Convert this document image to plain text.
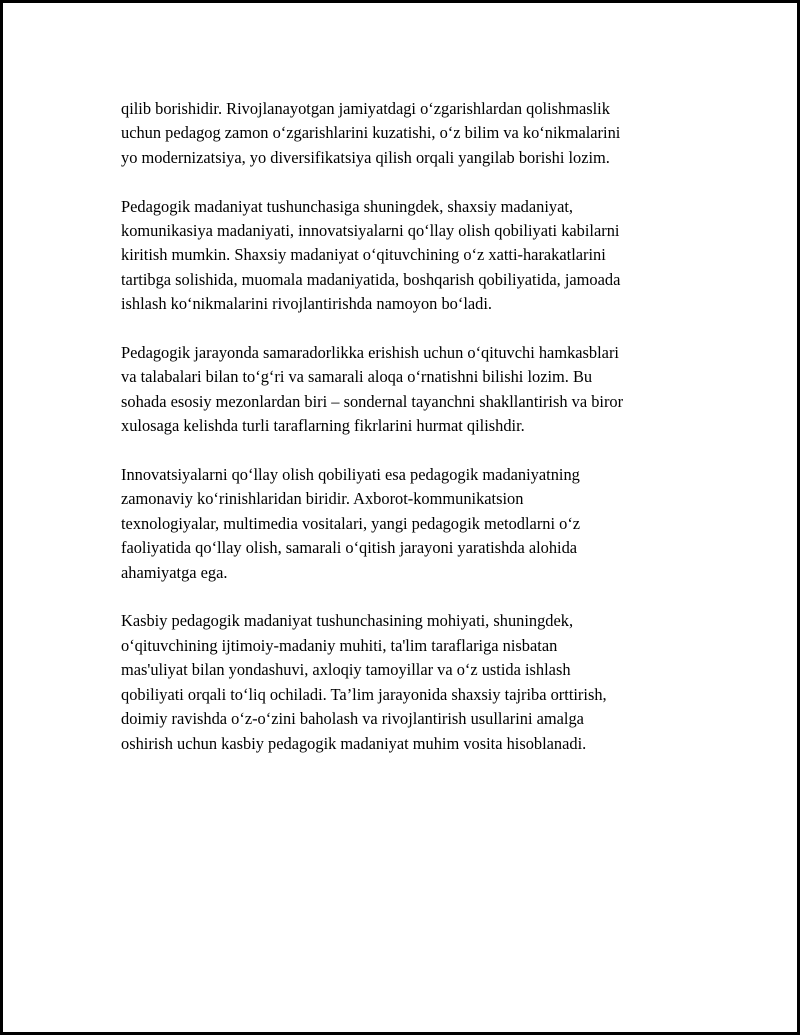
qilib borishidir. Rivojlanayotgan jamiyatdagi o‘zgarishlardan qolishmaslik
uchun pedagog zamon o‘zgarishlarini kuzatishi, o‘z bilim va ko‘nikmalarini
yo modernizatsiya, yo diversifikatsiya qilish orqali yangilab borishi lozim.

Pedagogik madaniyat tushunchasiga shuningdek, shaxsiy madaniyat,
komunikasiya madaniyati, innovatsiyalarni qo‘llay olish qobiliyati kabilarni
kiritish mumkin. Shaxsiy madaniyat o‘qituvchining o‘z xatti-harakatlarini
tartibga solishida, muomala madaniyatida, boshqarish qobiliyatida, jamoada
ishlash ko‘nikmalarini rivojlantirishda namoyon bo‘ladi.

Pedagogik jarayonda samaradorlikka erishish uchun o‘qituvchi hamkasblari
va talabalari bilan to‘g‘ri va samarali aloqa o‘rnatishni bilishi lozim. Bu
sohada esosiy mezonlardan biri – sondernal tayanchni shakllantirish va biror
xulosaga kelishda turli taraflarning fikrlarini hurmat qilishdir.

Innovatsiyalarni qo‘llay olish qobiliyati esa pedagogik madaniyatning
zamonaviy ko‘rinishlaridan biridir. Axborot-kommunikatsion
texnologiyalar, multimedia vositalari, yangi pedagogik metodlarni o‘z
faoliyatida qo‘llay olish, samarali o‘qitish jarayoni yaratishda alohida
ahamiyatga ega.

Kasbiy pedagogik madaniyat tushunchasining mohiyati, shuningdek,
o‘qituvchining ijtimoiy-madaniy muhiti, ta'lim taraflariga nisbatan
mas'uliyat bilan yondashuvi, axloqiy tamoyillar va o‘z ustida ishlash
qobiliyati orqali to‘liq ochiladi. Ta’lim jarayonida shaxsiy tajriba orttirish,
doimiy ravishda o‘z-o‘zini baholash va rivojlantirish usullarini amalga
oshirish uchun kasbiy pedagogik madaniyat muhim vosita hisoblanadi.
